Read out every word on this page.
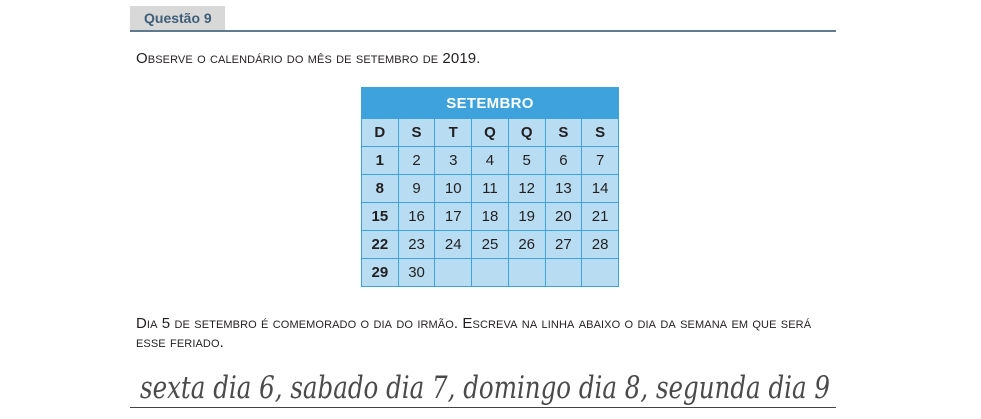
Questão 9
Observe o calendário do mês de setembro de 2019.
SETEMBRO						
D	S	T	Q	Q	S	S
1	2	3	4	5	6	7
8	9	10	11	12	13	14
15	16	17	18	19	20	21
22	23	24	25	26	27	28
29	30					
Dia 5 de setembro é comemorado o dia do irmão. Escreva na linha abaixo o dia da semana em que será esse feriado.
sexta dia 6, sabado dia 7, domingo dia 8, segunda dia 9
